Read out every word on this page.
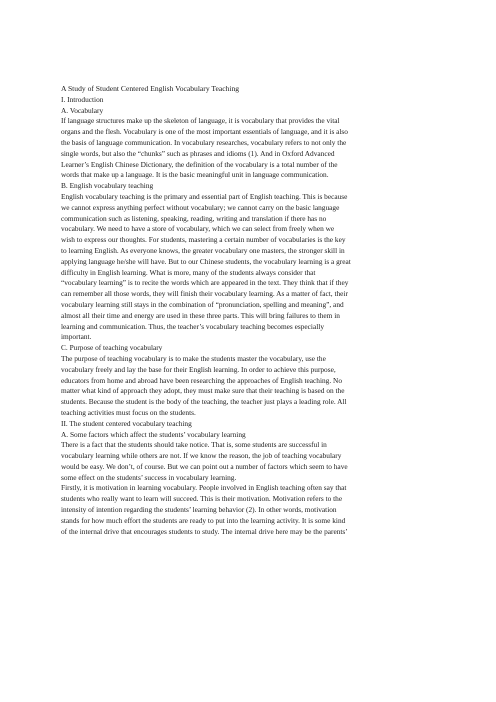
A Study of Student Centered English Vocabulary Teaching
I. Introduction
A. Vocabulary
If language structures make up the skeleton of language, it is vocabulary that provides the vital
organs and the flesh. Vocabulary is one of the most important essentials of language, and it is also
the basis of language communication. In vocabulary researches, vocabulary refers to not only the
single words, but also the “chunks” such as phrases and idioms (1). And in Oxford Advanced
Learner’s English Chinese Dictionary, the definition of the vocabulary is a total number of the
words that make up a language. It is the basic meaningful unit in language communication.
B. English vocabulary teaching
English vocabulary teaching is the primary and essential part of English teaching. This is because
we cannot express anything perfect without vocabulary; we cannot carry on the basic language
communication such as listening, speaking, reading, writing and translation if there has no
vocabulary. We need to have a store of vocabulary, which we can select from freely when we
wish to express our thoughts. For students, mastering a certain number of vocabularies is the key
to learning English. As everyone knows, the greater vocabulary one masters, the stronger skill in
applying language he/she will have. But to our Chinese students, the vocabulary learning is a great
difficulty in English learning. What is more, many of the students always consider that
“vocabulary learning” is to recite the words which are appeared in the text. They think that if they
can remember all those words, they will finish their vocabulary learning. As a matter of fact, their
vocabulary learning still stays in the combination of “pronunciation, spelling and meaning”, and
almost all their time and energy are used in these three parts. This will bring failures to them in
learning and communication. Thus, the teacher’s vocabulary teaching becomes especially
important.
C. Purpose of teaching vocabulary
The purpose of teaching vocabulary is to make the students master the vocabulary, use the
vocabulary freely and lay the base for their English learning. In order to achieve this purpose,
educators from home and abroad have been researching the approaches of English teaching. No
matter what kind of approach they adopt, they must make sure that their teaching is based on the
students. Because the student is the body of the teaching, the teacher just plays a leading role. All
teaching activities must focus on the students.
II. The student centered vocabulary teaching
A. Some factors which affect the students’ vocabulary learning
There is a fact that the students should take notice. That is, some students are successful in
vocabulary learning while others are not. If we know the reason, the job of teaching vocabulary
would be easy. We don’t, of course. But we can point out a number of factors which seem to have
some effect on the students’ success in vocabulary learning.
Firstly, it is motivation in learning vocabulary. People involved in English teaching often say that
students who really want to learn will succeed. This is their motivation. Motivation refers to the
intensity of intention regarding the students’ learning behavior (2). In other words, motivation
stands for how much effort the students are ready to put into the learning activity. It is some kind
of the internal drive that encourages students to study. The internal drive here may be the parents’
